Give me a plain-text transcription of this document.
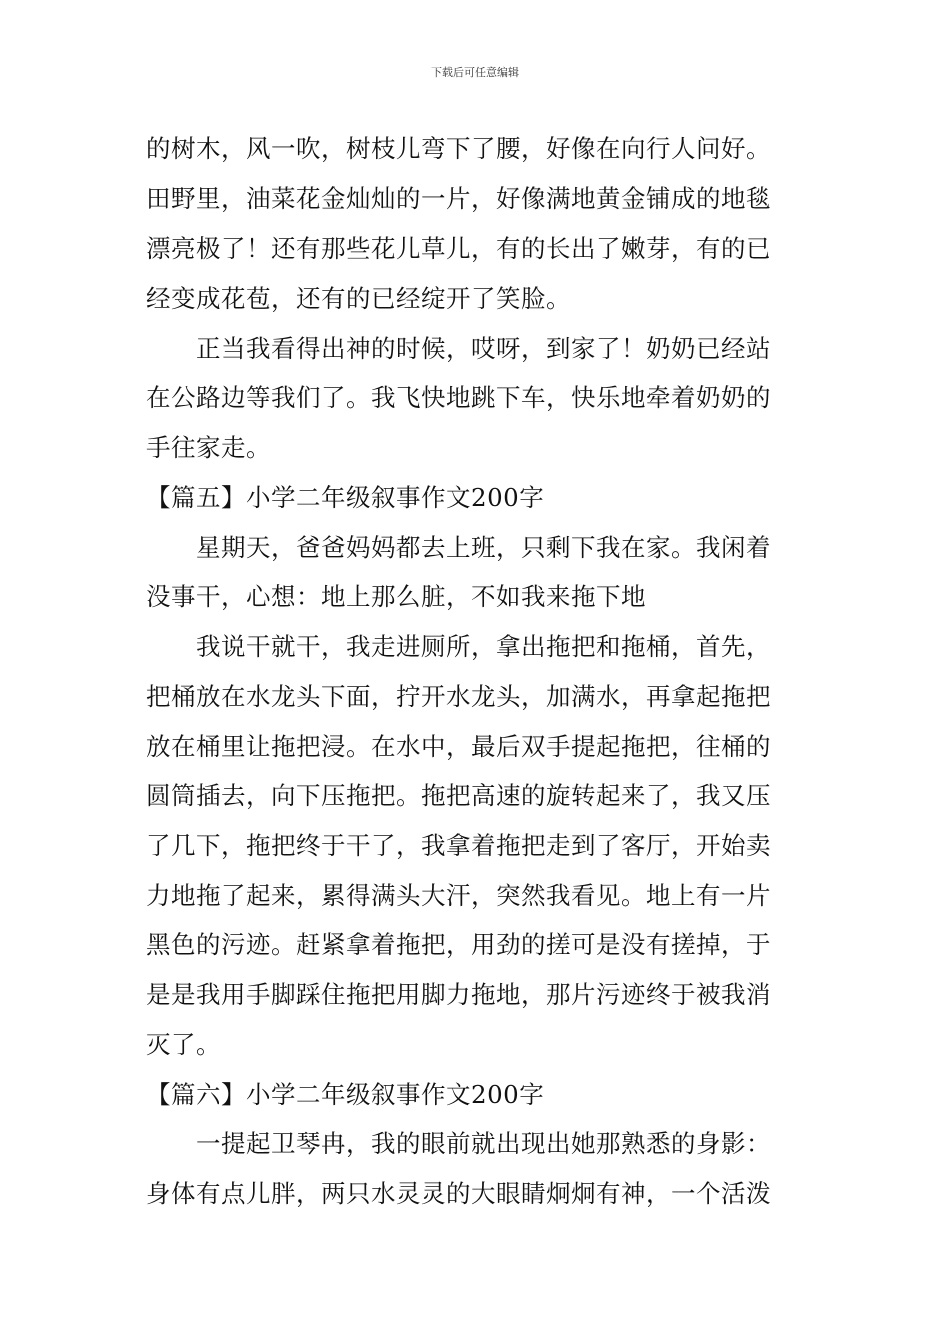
下载后可任意编辑
的树木，风一吹，树枝儿弯下了腰，好像在向行人问好。
田野里，油菜花金灿灿的一片，好像满地黄金铺成的地毯
漂亮极了！还有那些花儿草儿，有的长出了嫩芽，有的已
经变成花苞，还有的已经绽开了笑脸。
正当我看得出神的时候，哎呀，到家了！奶奶已经站
在公路边等我们了。我飞快地跳下车，快乐地牵着奶奶的
手往家走。
【篇五】小学二年级叙事作文200字
星期天，爸爸妈妈都去上班，只剩下我在家。我闲着
没事干，心想：地上那么脏，不如我来拖下地
我说干就干，我走进厕所，拿出拖把和拖桶，首先，
把桶放在水龙头下面，拧开水龙头，加满水，再拿起拖把
放在桶里让拖把浸。在水中，最后双手提起拖把，往桶的
圆筒插去，向下压拖把。拖把高速的旋转起来了，我又压
了几下，拖把终于干了，我拿着拖把走到了客厅，开始卖
力地拖了起来，累得满头大汗，突然我看见。地上有一片
黑色的污迹。赶紧拿着拖把，用劲的搓可是没有搓掉，于
是是我用手脚踩住拖把用脚力拖地，那片污迹终于被我消
灭了。
【篇六】小学二年级叙事作文200字
一提起卫琴冉，我的眼前就出现出她那熟悉的身影：
身体有点儿胖，两只水灵灵的大眼睛炯炯有神，一个活泼
